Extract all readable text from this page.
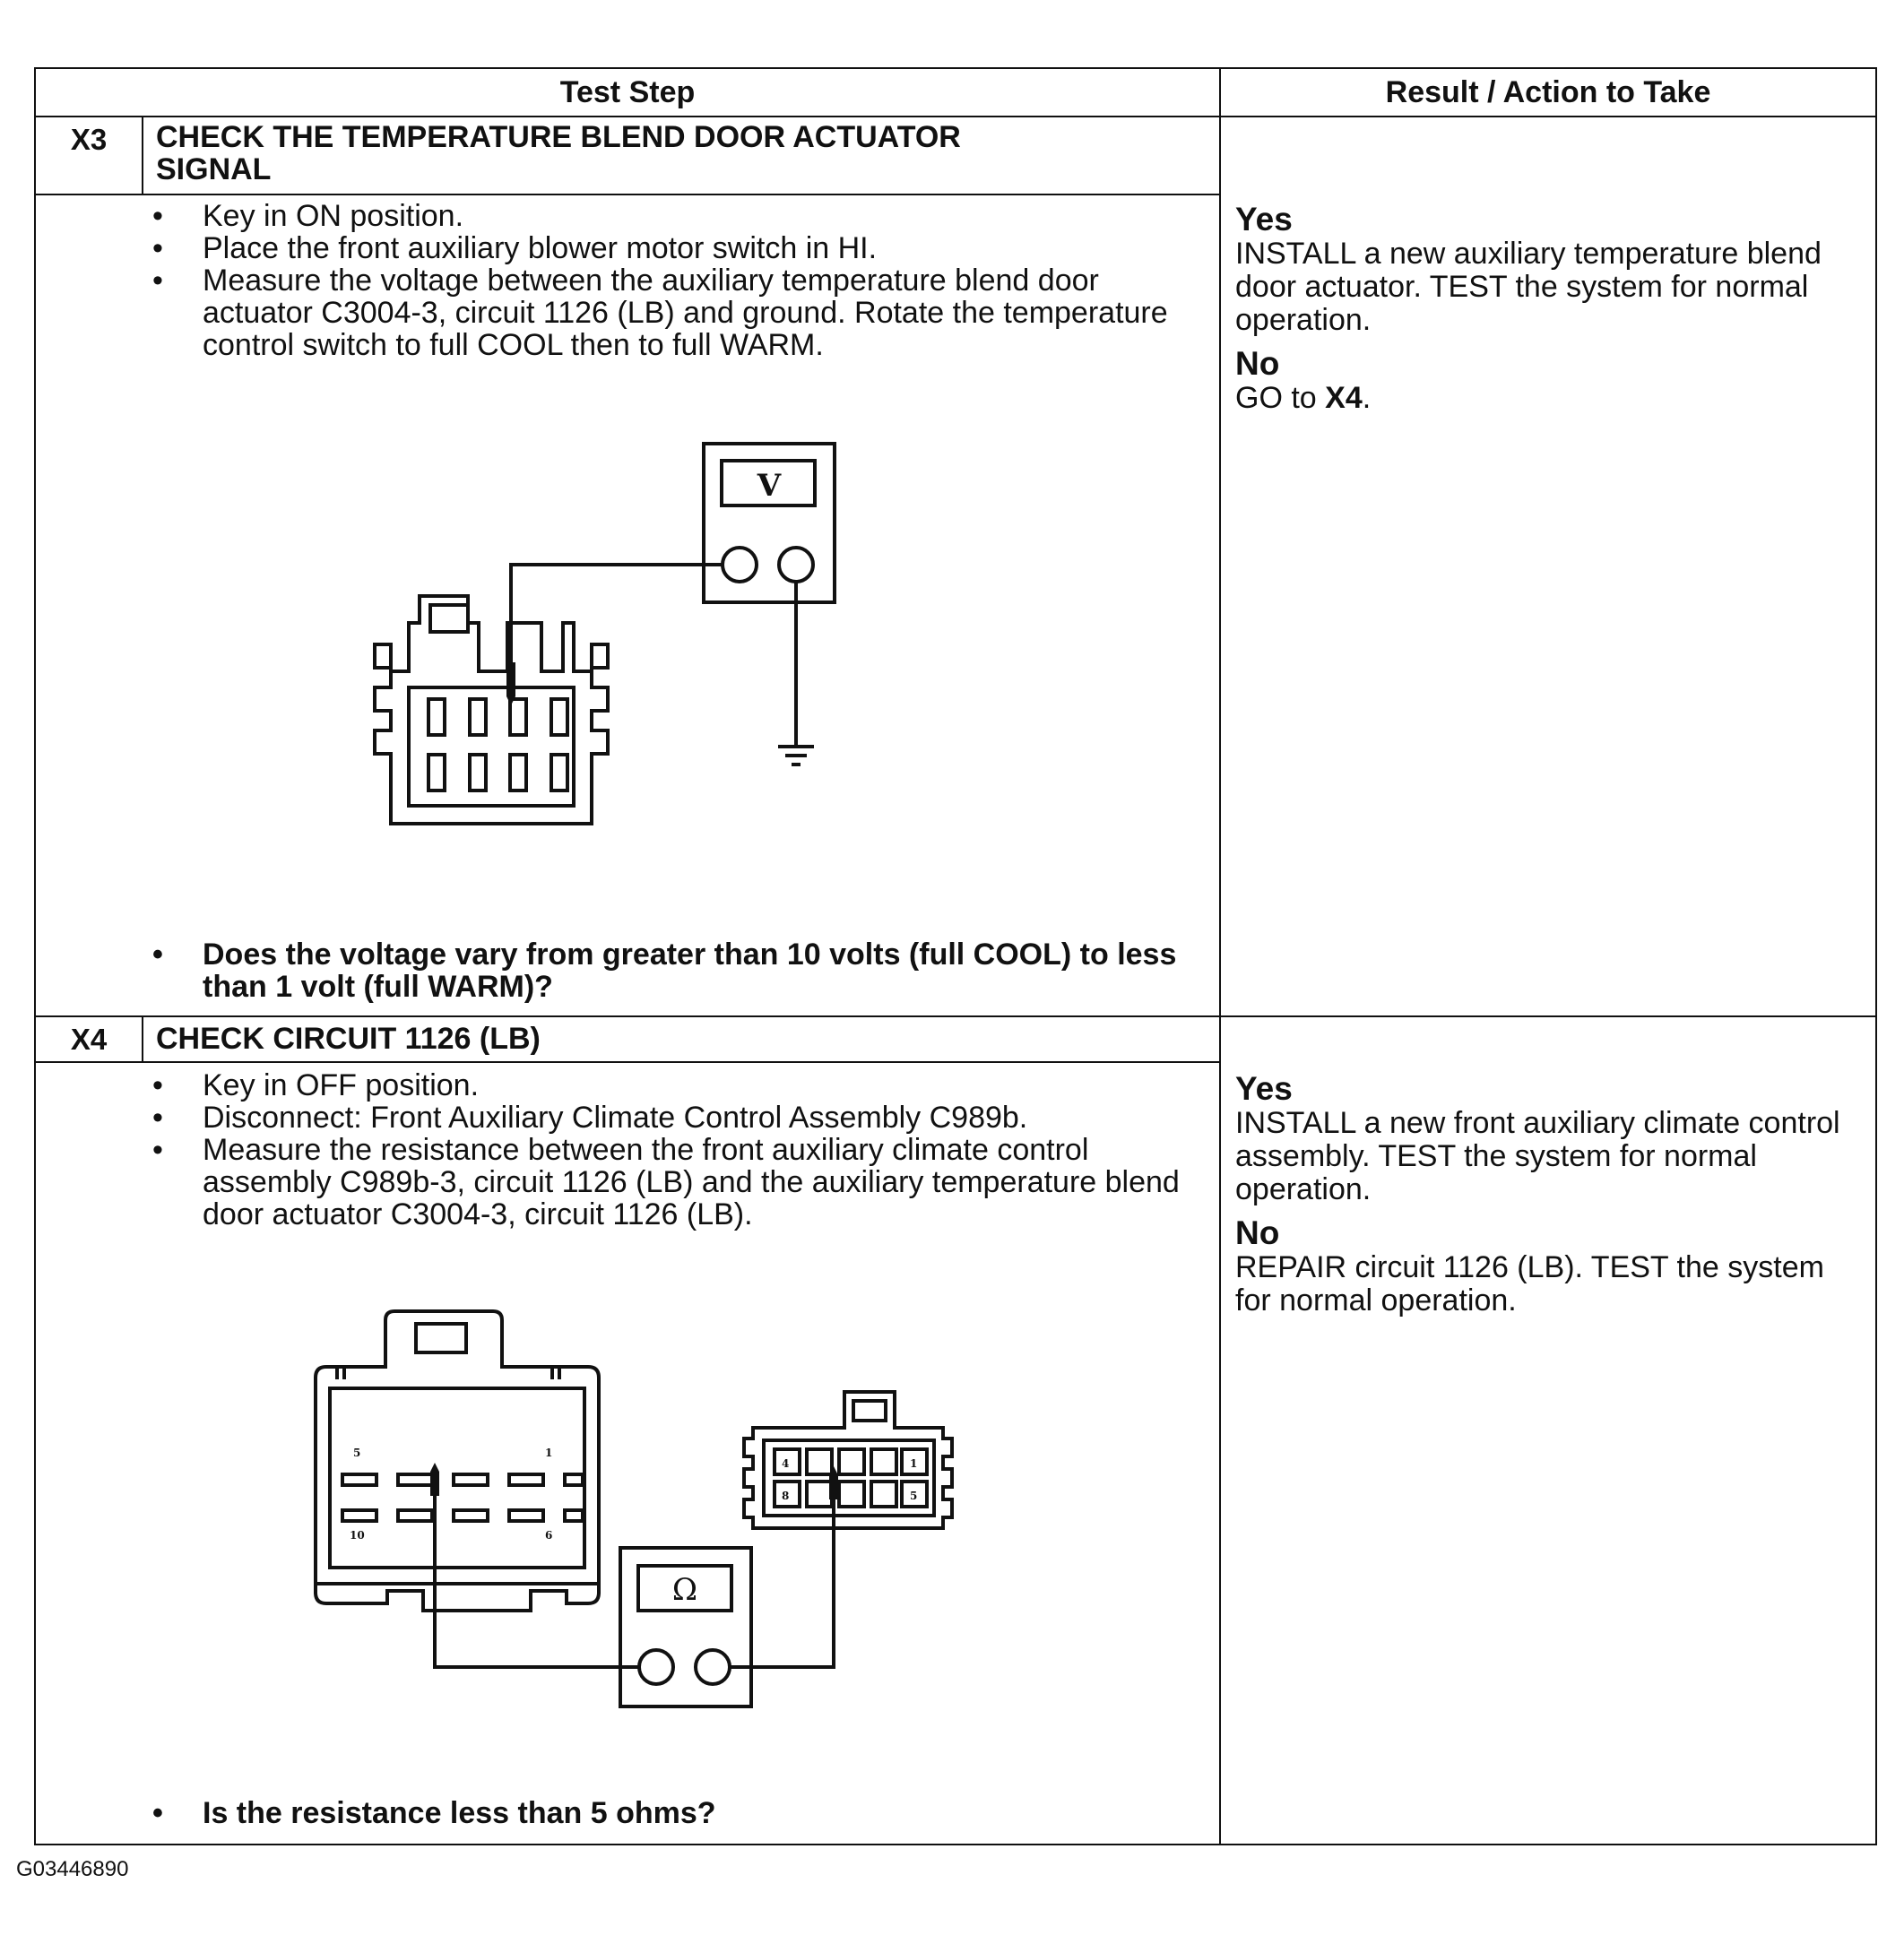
Test Step	Result / Action to Take
X3	CHECK THE TEMPERATURE BLEND DOOR ACTUATOR SIGNAL
• Key in ON position.
• Place the front auxiliary blower motor switch in HI.
• Measure the voltage between the auxiliary temperature blend door actuator C3004-3, circuit 1126 (LB) and ground. Rotate the temperature control switch to full COOL then to full WARM.
V
• Does the voltage vary from greater than 10 volts (full COOL) to less than 1 volt (full WARM)?
Yes

INSTALL a new auxiliary temperature blend door actuator. TEST the system for normal operation.

No

GO to X4.

X4	CHECK CIRCUIT 1126 (LB)
• Key in OFF position.
• Disconnect: Front Auxiliary Climate Control Assembly C989b.
• Measure the resistance between the front auxiliary climate control assembly C989b-3, circuit 1126 (LB) and the auxiliary temperature blend door actuator C3004-3, circuit 1126 (LB).
5	1
10	6
4	1
8	5
Ω
• Is the resistance less than 5 ohms?
Yes

INSTALL a new front auxiliary climate control assembly. TEST the system for normal operation.

No

REPAIR circuit 1126 (LB). TEST the system for normal operation.

G03446890
